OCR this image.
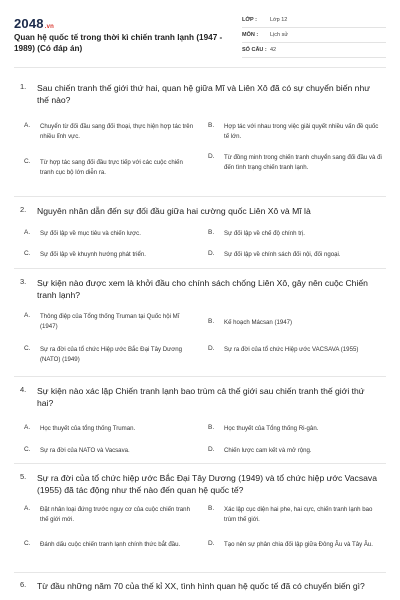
2048.vn
Quan hệ quốc tế trong thời kì chiến tranh lạnh (1947 - 1989) (Có đáp án)
LỚP : Lớp 12
MÔN : Lịch sử
SỐ CÂU : 42
1. Sau chiến tranh thế giới thứ hai, quan hệ giữa Mĩ và Liên Xô đã có sự chuyển biến như thế nào?
A. Chuyển từ đối đầu sang đối thoại, thực hiện hợp tác trên nhiều lĩnh vực.
B. Hợp tác với nhau trong việc giải quyết nhiều vấn đề quốc tế lớn.
C. Từ hợp tác sang đối đầu trực tiếp với các cuộc chiến tranh cục bộ lớn diễn ra.
D. Từ đồng minh trong chiến tranh chuyển sang đối đầu và đi đến tình trạng chiến tranh lạnh.
2. Nguyên nhân dẫn đến sự đối đầu giữa hai cường quốc Liên Xô và Mĩ là
A. Sự đối lập về mục tiêu và chiến lược.	B. Sự đối lập về chế độ chính trị.
C. Sự đối lập về khuynh hướng phát triển.	D. Sự đối lập về chính sách đối nội, đối ngoại.
3. Sự kiện nào được xem là khởi đầu cho chính sách chống Liên Xô, gây nên cuộc Chiến tranh lạnh?
A. Thông điệp của Tổng thống Truman tại Quốc hội Mĩ (1947)
B. Kế hoạch Mácsan (1947)
C. Sự ra đời của tổ chức Hiệp ước Bắc Đại Tây Dương (NATO) (1949)
D. Sự ra đời của tổ chức Hiệp ước VACSAVA (1955)
4. Sự kiện nào xác lập Chiến tranh lạnh bao trùm cả thế giới sau chiến tranh thế giới thứ hai?
A. Học thuyết của tổng thống Truman.	B. Học thuyết của Tổng thống Ri-gân.
C. Sự ra đời của NATO và Vacsava.	D. Chiến lược cam kết và mở rộng.
5. Sự ra đời của tổ chức hiệp ước Bắc Đại Tây Dương (1949) và tổ chức hiệp ước Vacsava (1955) đã tác động như thế nào đến quan hệ quốc tế?
A. Đặt nhân loại đứng trước nguy cơ của cuộc chiến tranh thế giới mới.
B. Xác lập cục diện hai phe, hai cực, chiến tranh lạnh bao trùm thế giới.
C. Đánh dấu cuộc chiến tranh lạnh chính thức bắt đầu.	D. Tạo nên sự phân chia đối lập giữa Đông Âu và Tây Âu.
6. Từ đầu những năm 70 của thế kỉ XX, tình hình quan hệ quốc tế đã có chuyển biến gì?
